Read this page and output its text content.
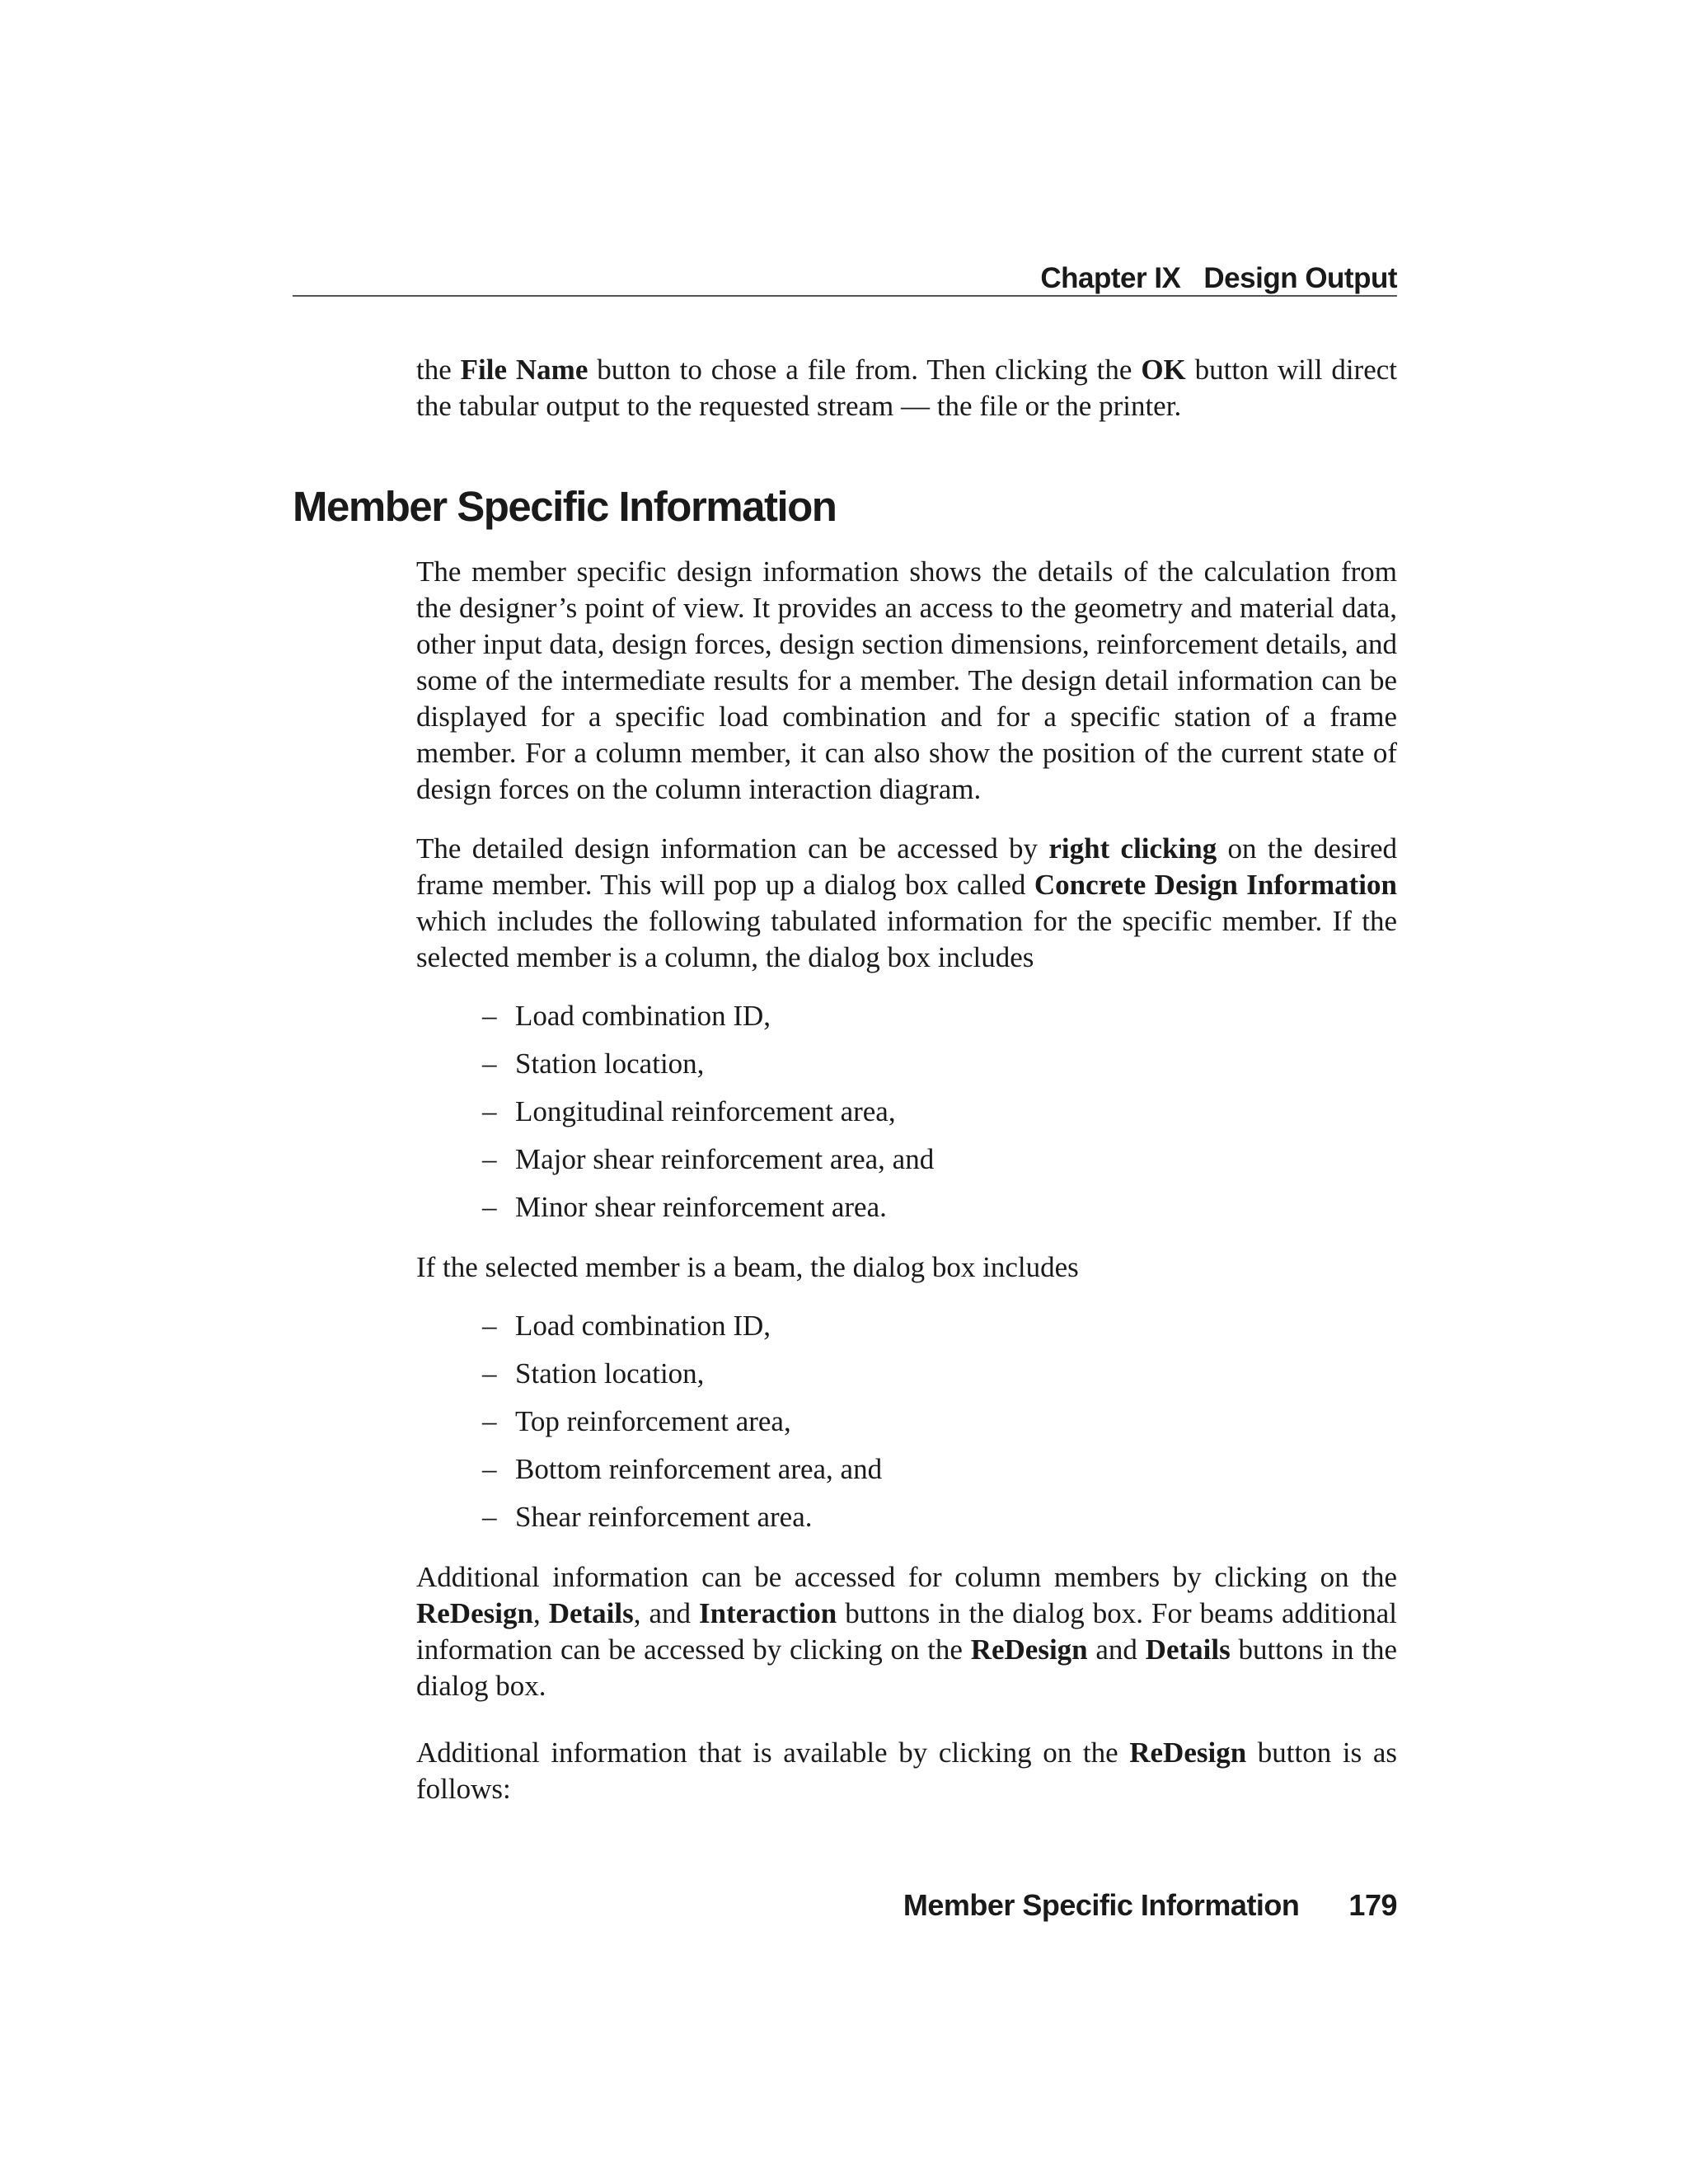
Chapter IX Design Output
the File Name button to chose a file from. Then clicking the OK button will direct the tabular output to the requested stream — the file or the printer.
Member Specific Information
The member specific design information shows the details of the calculation from the designer’s point of view. It provides an access to the geometry and material data, other input data, design forces, design section dimensions, reinforcement details, and some of the intermediate results for a member. The design detail information can be displayed for a specific load combination and for a specific station of a frame member. For a column member, it can also show the position of the current state of design forces on the column interaction diagram.
The detailed design information can be accessed by right clicking on the desired frame member. This will pop up a dialog box called Concrete Design Information which includes the following tabulated information for the specific member. If the selected member is a column, the dialog box includes
– Load combination ID,
– Station location,
– Longitudinal reinforcement area,
– Major shear reinforcement area, and
– Minor shear reinforcement area.
If the selected member is a beam, the dialog box includes
– Load combination ID,
– Station location,
– Top reinforcement area,
– Bottom reinforcement area, and
– Shear reinforcement area.
Additional information can be accessed for column members by clicking on the ReDesign, Details, and Interaction buttons in the dialog box. For beams additional information can be accessed by clicking on the ReDesign and Details buttons in the dialog box.
Additional information that is available by clicking on the ReDesign button is as follows:
Member Specific Information 179
